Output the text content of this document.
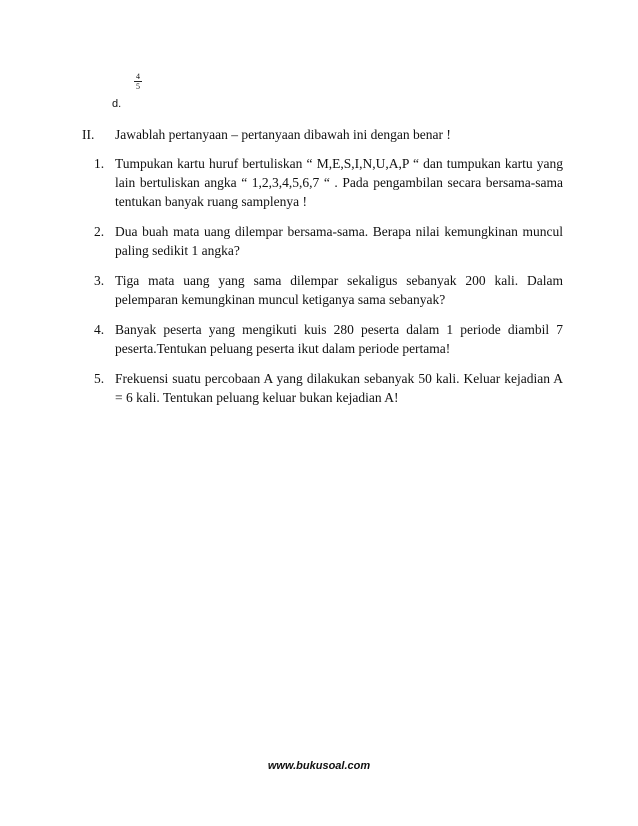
4
5
d.
II. Jawablah pertanyaan – pertanyaan dibawah ini dengan benar !
1. Tumpukan kartu huruf bertuliskan “ M,E,S,I,N,U,A,P “ dan tumpukan kartu yang lain bertuliskan angka “ 1,2,3,4,5,6,7 “ . Pada pengambilan secara bersama-sama tentukan banyak ruang samplenya !
2. Dua buah mata uang dilempar bersama-sama. Berapa nilai kemungkinan muncul paling sedikit 1 angka?
3. Tiga mata uang yang sama dilempar sekaligus sebanyak 200 kali. Dalam pelemparan kemungkinan muncul ketiganya sama sebanyak?
4. Banyak peserta yang mengikuti kuis 280 peserta dalam 1 periode diambil 7 peserta.Tentukan peluang peserta ikut dalam periode pertama!
5. Frekuensi suatu percobaan A yang dilakukan sebanyak 50 kali. Keluar kejadian A = 6 kali. Tentukan peluang keluar bukan kejadian A!
www.bukusoal.com
